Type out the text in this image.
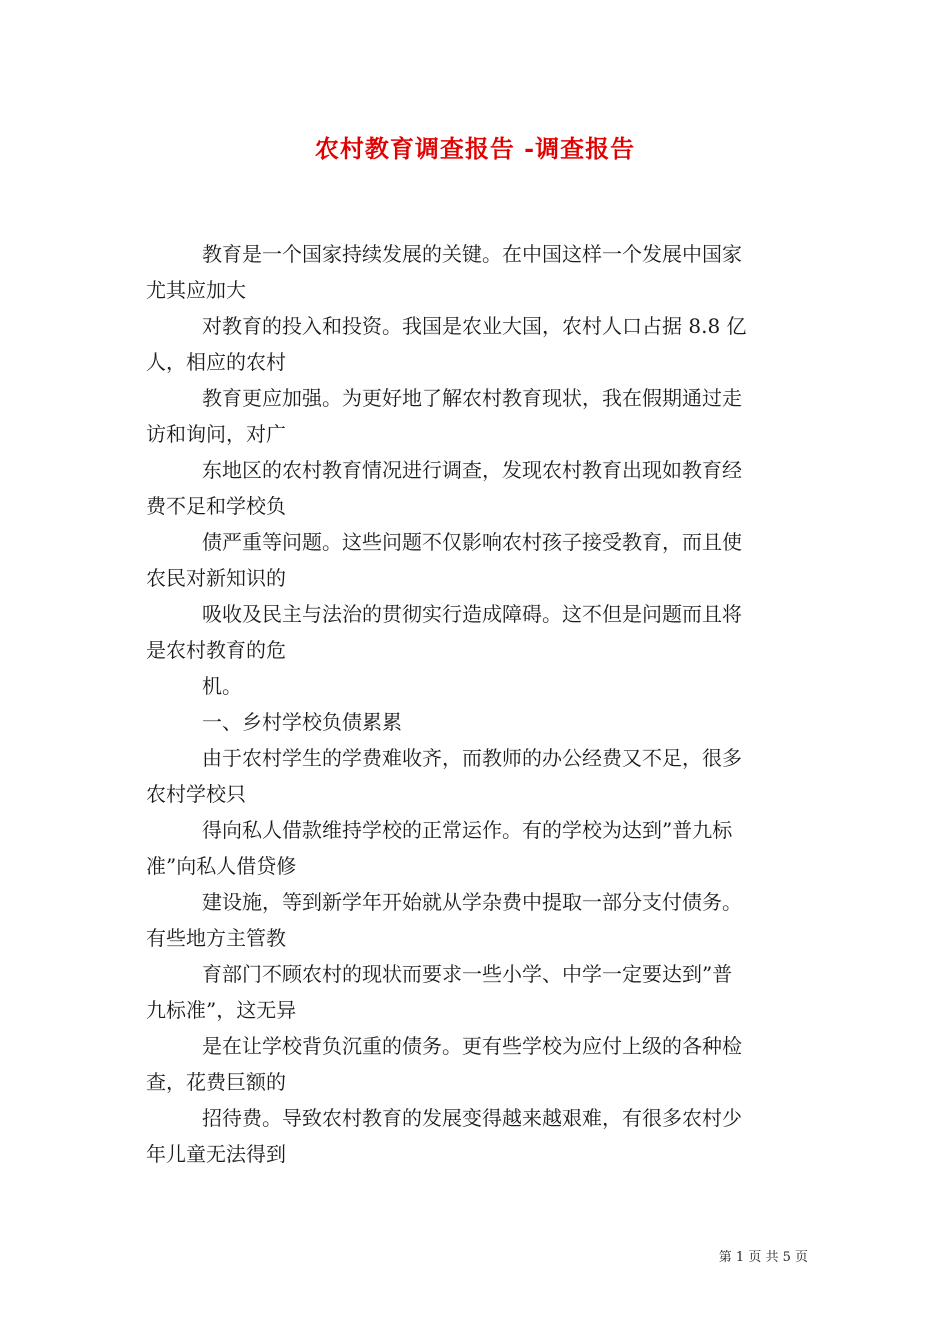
农村教育调查报告 -调查报告

教育是一个国家持续发展的关键。在中国这样一个发展中国家
尤其应加大

对教育的投入和投资。我国是农业大国，农村人口占据 8.8 亿
人，相应的农村

教育更应加强。为更好地了解农村教育现状，我在假期通过走
访和询问，对广

东地区的农村教育情况进行调查，发现农村教育出现如教育经
费不足和学校负

债严重等问题。这些问题不仅影响农村孩子接受教育，而且使
农民对新知识的

吸收及民主与法治的贯彻实行造成障碍。这不但是问题而且将
是农村教育的危

机。

一、乡村学校负债累累

由于农村学生的学费难收齐，而教师的办公经费又不足，很多
农村学校只

得向私人借款维持学校的正常运作。有的学校为达到”普九标
准”向私人借贷修

建设施，等到新学年开始就从学杂费中提取一部分支付债务。
有些地方主管教

育部门不顾农村的现状而要求一些小学、中学一定要达到”普
九标准”，这无异

是在让学校背负沉重的债务。更有些学校为应付上级的各种检
查，花费巨额的

招待费。导致农村教育的发展变得越来越艰难，有很多农村少
年儿童无法得到

第 1 页 共 5 页
